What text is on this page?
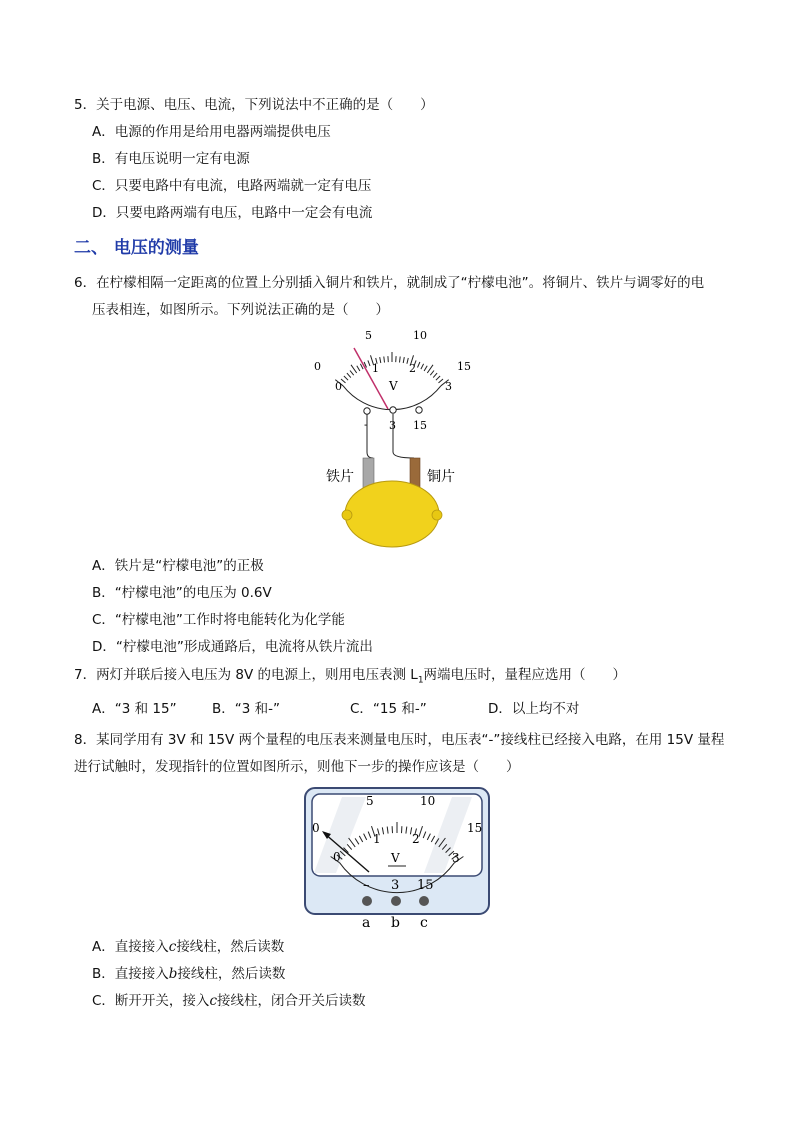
5．关于电源、电压、电流，下列说法中不正确的是（　　）
A．电源的作用是给用电器两端提供电压
B．有电压说明一定有电源
C．只要电路中有电流，电路两端就一定有电压
D．只要电路两端有电压，电路中一定会有电流
二、 电压的测量
6．在柠檬相隔一定距离的位置上分别插入铜片和铁片，就制成了“柠檬电池”。将铜片、铁片与调零好的电
压表相连，如图所示。下列说法正确的是（　　）
0
5	10
15
0
1	2
3
V
- 3 15
铁片	铜片
A．铁片是“柠檬电池”的正极
B．“柠檬电池”的电压为 0.6V
C．“柠檬电池”工作时将电能转化为化学能
D．“柠檬电池”形成通路后，电流将从铁片流出
7．两灯并联后接入电压为 8V 的电源上，则用电压表测 $L_1$两端电压时，量程应选用（　　）
A．“3 和 15”	B．“3 和-”	C．“15 和-”	D．以上均不对
8．某同学用有 3V 和 15V 两个量程的电压表来测量电压时，电压表“-”接线柱已经接入电路，在用 15V 量程
进行试触时，发现指针的位置如图所示，则他下一步的操作应该是（　　）
0
5	10
15
0
1	2
3
V
– 3 15
a b c
A．直接接入c接线柱，然后读数
B．直接接入b接线柱，然后读数
C．断开开关，接入c接线柱，闭合开关后读数
